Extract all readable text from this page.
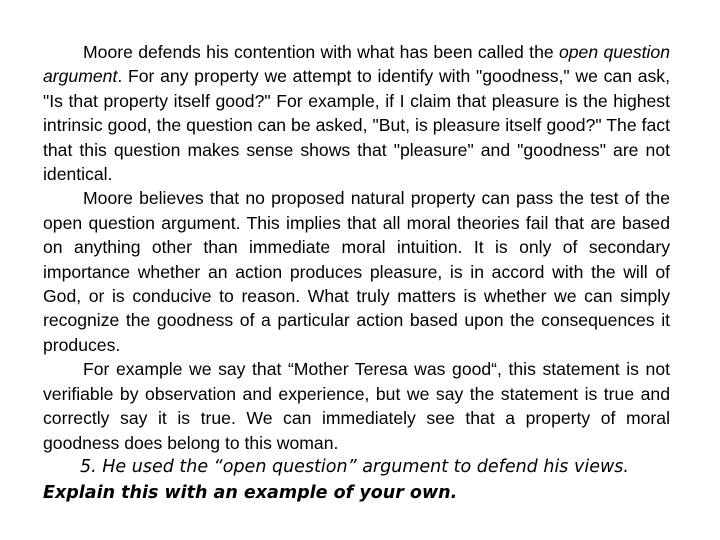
Moore defends his contention with what has been called the open question argument. For any property we attempt to identify with "goodness," we can ask, "Is that property itself good?" For example, if I claim that pleasure is the highest intrinsic good, the question can be asked, "But, is pleasure itself good?" The fact that this question makes sense shows that "pleasure" and "goodness" are not identical.

Moore believes that no proposed natural property can pass the test of the open question argument. This implies that all moral theories fail that are based on anything other than immediate moral intuition. It is only of secondary importance whether an action produces pleasure, is in accord with the will of God, or is conducive to reason. What truly matters is whether we can simply recognize the goodness of a particular action based upon the consequences it produces.

For example we say that “Mother Teresa was good“, this statement is not verifiable by observation and experience, but we say the statement is true and correctly say it is true. We can immediately see that a property of moral goodness does belong to this woman.

5. He used the “open question” argument to defend his views.
Explain this with an example of your own.
